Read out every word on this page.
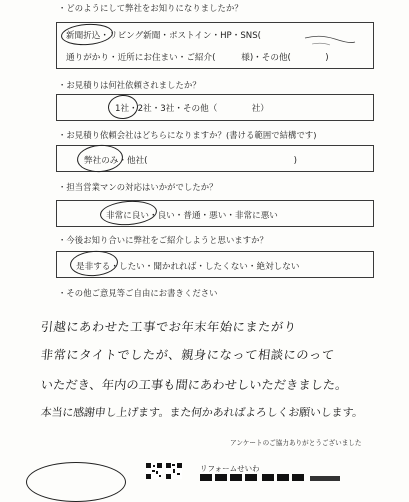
・どのようにして弊社をお知りになりましたか？
新聞折込・リビング新聞・ポストイン・HP・SNS(
通りがかり・近所にお住まい・ご紹介(　　　様)・その他(　　　　)
・お見積りは何社依頼されましたか？
1社・2社・3社・その他（　　　　社）
・お見積り依頼会社はどちらになりますか？(書ける範囲で結構です)
弊社のみ・他社(　　　　　　　　　　　　　　　　　)
・担当営業マンの対応はいかがでしたか？
非常に良い・良い・普通・悪い・非常に悪い
・今後お知り合いに弊社をご紹介しようと思いますか？
是非する・したい・聞かれれば・したくない・絶対しない
・その他ご意見等ご自由にお書きください
引越にあわせた工事でお年末年始にまたがり
非常にタイトでしたが、親身になって相談にのって
いただき、年内の工事も間にあわせしいただきました。
本当に感謝申し上げます。また何かあればよろしくお願いします。
アンケートのご協力ありがとうございました
リフォームせいわ
